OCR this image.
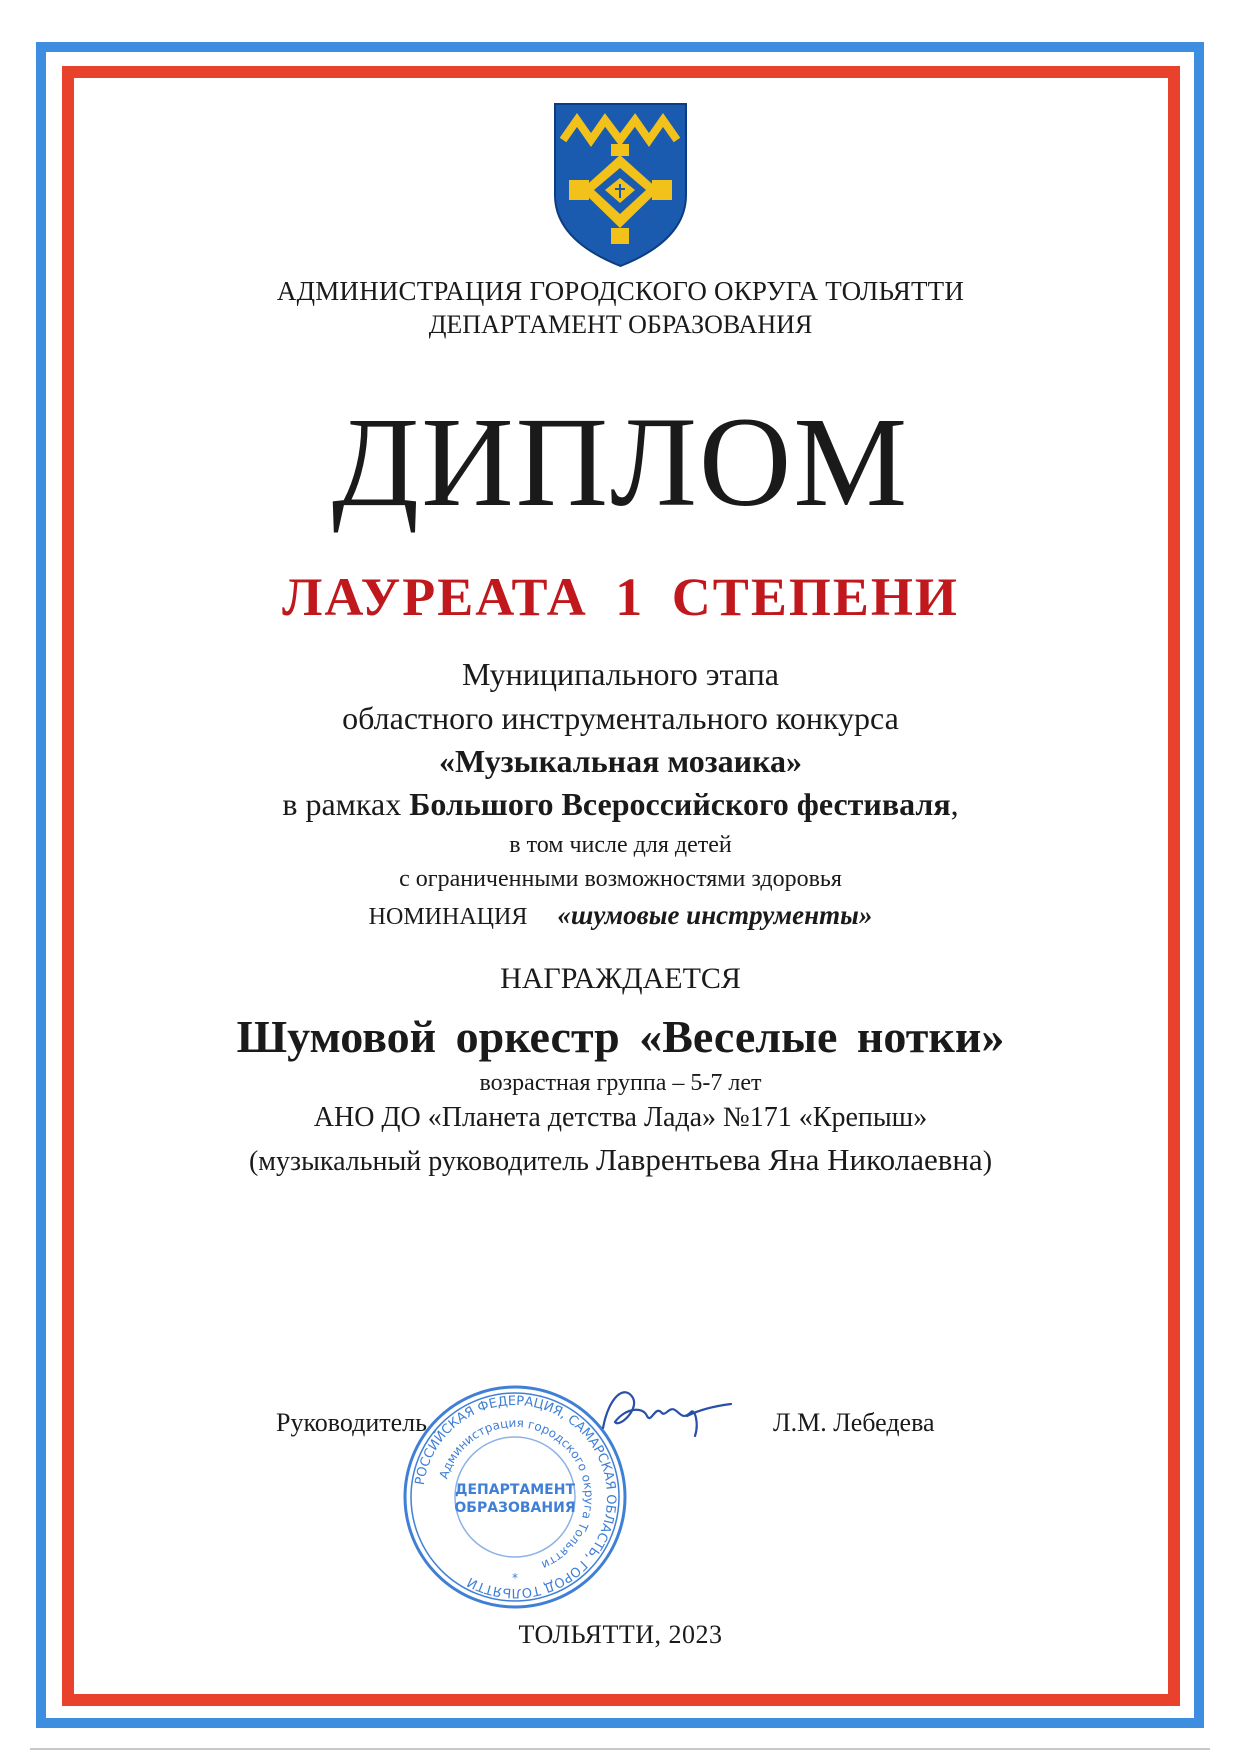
АДМИНИСТРАЦИЯ ГОРОДСКОГО ОКРУГА ТОЛЬЯТТИ
ДЕПАРТАМЕНТ ОБРАЗОВАНИЯ
ДИПЛОМ
ЛАУРЕАТА 1 СТЕПЕНИ
Муниципального этапа
областного инструментального конкурса
«Музыкальная мозаика»
в рамках Большого Всероссийского фестиваля,
в том числе для детей
с ограниченными возможностями здоровья
НОМИНАЦИЯ «шумовые инструменты»
НАГРАЖДАЕТСЯ
Шумовой оркестр «Веселые нотки»
возрастная группа – 5-7 лет
АНО ДО «Планета детства Лада» №171 «Крепыш»
(музыкальный руководитель Лаврентьева Яна Николаевна)
РОССИЙСКАЯ ФЕДЕРАЦИЯ, САМАРСКАЯ ОБЛАСТЬ, ГОРОД ТОЛЬЯТТИ
Администрация городского округа Тольятти
ДЕПАРТАМЕНТ
ОБРАЗОВАНИЯ
*
Руководитель	Л.М. Лебедева
ТОЛЬЯТТИ, 2023
